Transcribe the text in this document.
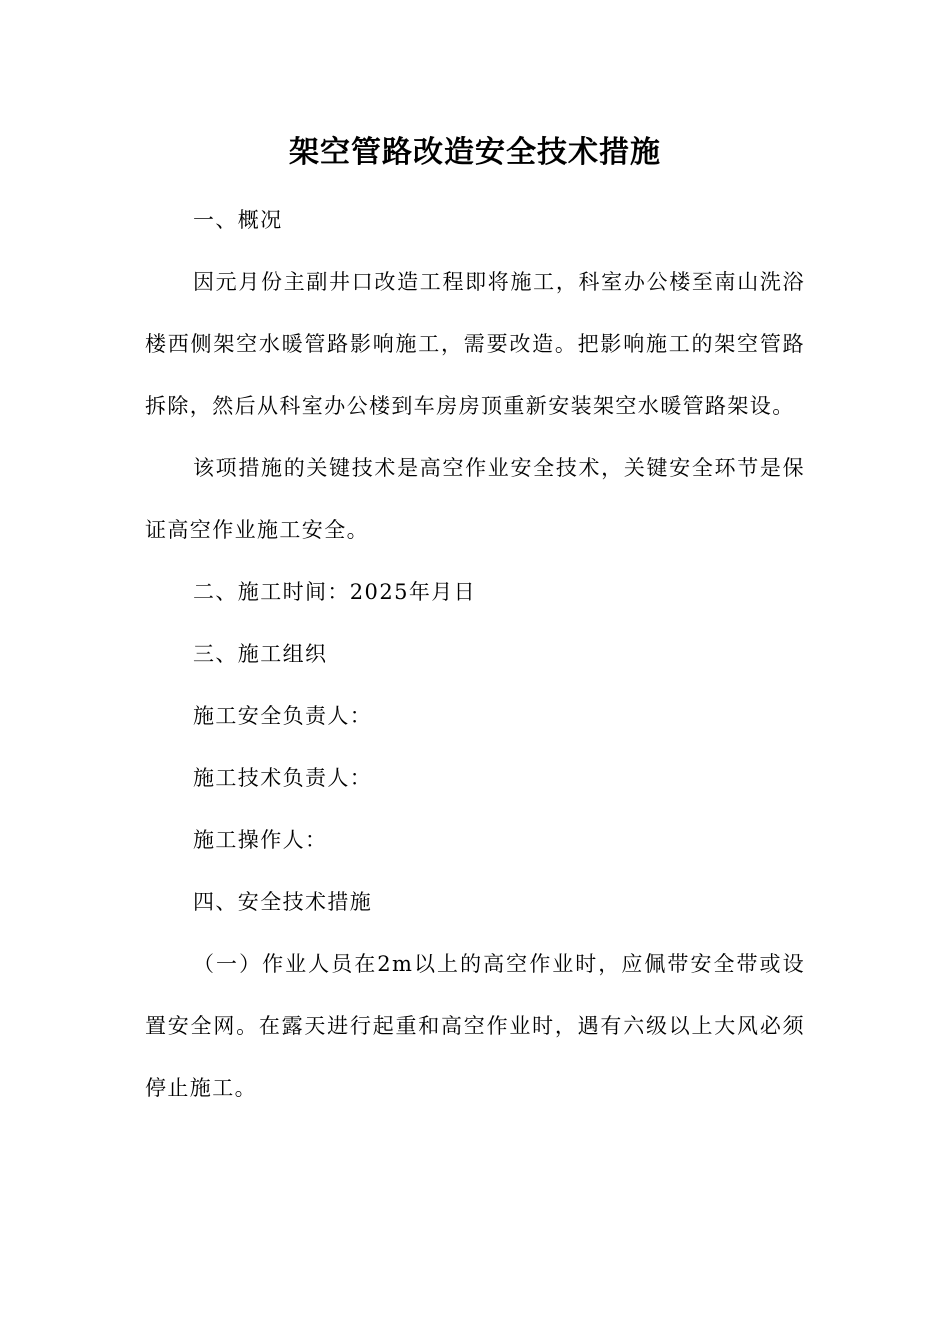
架空管路改造安全技术措施

一、概况

因元月份主副井口改造工程即将施工，科室办公楼至南山洗浴楼西侧架空水暖管路影响施工，需要改造。把影响施工的架空管路拆除，然后从科室办公楼到车房房顶重新安装架空水暖管路架设。

该项措施的关键技术是高空作业安全技术，关键安全环节是保证高空作业施工安全。

二、施工时间：2025年月日

三、施工组织

施工安全负责人：

施工技术负责人：

施工操作人：

四、安全技术措施

（一）作业人员在2m以上的高空作业时，应佩带安全带或设置安全网。在露天进行起重和高空作业时，遇有六级以上大风必须停止施工。
